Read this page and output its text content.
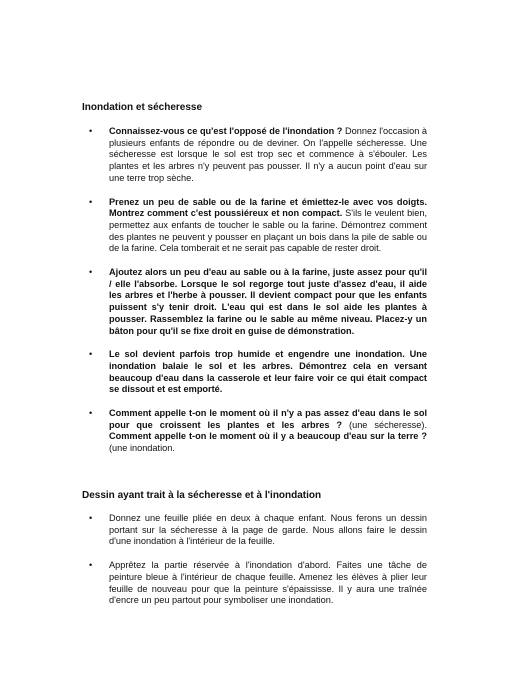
Inondation et sécheresse
• Connaissez-vous ce qu'est l'opposé de l'inondation ? Donnez l'occasion à plusieurs enfants de répondre ou de deviner. On l'appelle sécheresse. Une sécheresse est lorsque le sol est trop sec et commence à s'ébouler. Les plantes et les arbres n'y peuvent pas pousser. Il n'y a aucun point d'eau sur une terre trop sèche.
• Prenez un peu de sable ou de la farine et émiettez-le avec vos doigts. Montrez comment c'est poussiéreux et non compact. S'ils le veulent bien, permettez aux enfants de toucher le sable ou la farine. Démontrez comment des plantes ne peuvent y pousser en plaçant un bois dans la pile de sable ou de la farine. Cela tomberait et ne serait pas capable de rester droit.
• Ajoutez alors un peu d'eau au sable ou à la farine, juste assez pour qu'il / elle l'absorbe. Lorsque le sol regorge tout juste d'assez d'eau, il aide les arbres et l'herbe à pousser. Il devient compact pour que les enfants puissent s'y tenir droit. L'eau qui est dans le sol aide les plantes à pousser. Rassemblez la farine ou le sable au même niveau. Placez-y un bâton pour qu'il se fixe droit en guise de démonstration.
• Le sol devient parfois trop humide et engendre une inondation. Une inondation balaie le sol et les arbres. Démontrez cela en versant beaucoup d'eau dans la casserole et leur faire voir ce qui était compact se dissout et est emporté.
• Comment appelle t-on le moment où il n'y a pas assez d'eau dans le sol pour que croissent les plantes et les arbres ? (une sécheresse). Comment appelle t-on le moment où il y a beaucoup d'eau sur la terre ? (une inondation.
Dessin ayant trait à la sécheresse et à l'inondation
• Donnez une feuille pliée en deux à chaque enfant. Nous ferons un dessin portant sur la sécheresse à la page de garde. Nous allons faire le dessin d'une inondation à l'intérieur de la feuille.
• Apprêtez la partie réservée à l'inondation d'abord. Faites une tâche de peinture bleue à l'intérieur de chaque feuille. Amenez les élèves à plier leur feuille de nouveau pour que la peinture s'épaississe. Il y aura une traînée d'encre un peu partout pour symboliser une inondation.
